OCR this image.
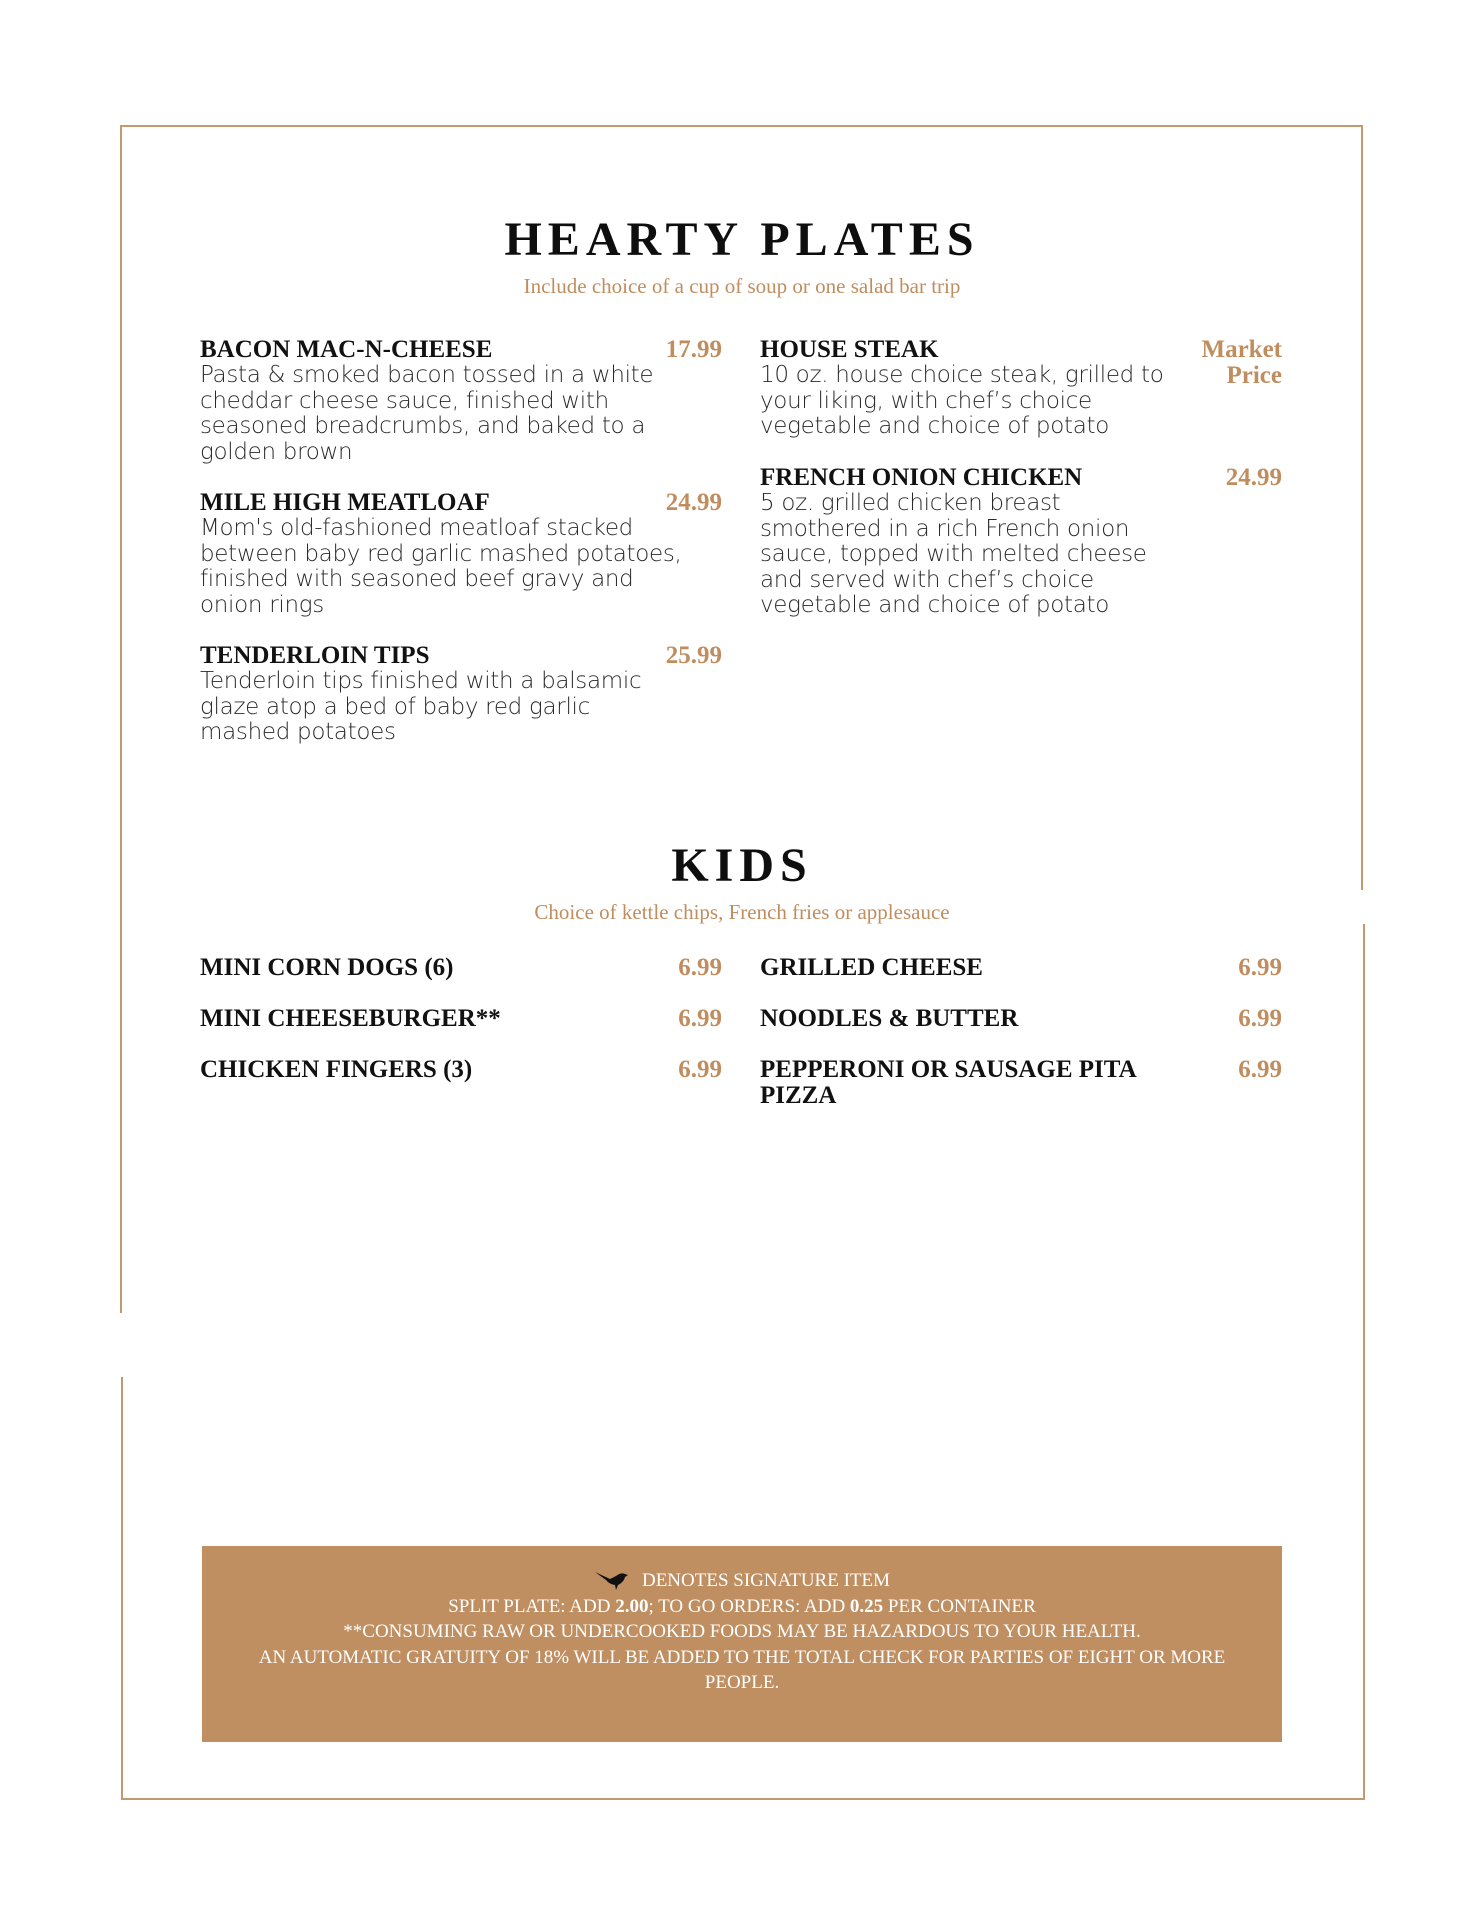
HEARTY PLATES

Include choice of a cup of soup or one salad bar trip

BACON MAC-N-CHEESE	17.99
Pasta & smoked bacon tossed in a white cheddar cheese sauce, finished with seasoned breadcrumbs, and baked to a golden brown
MILE HIGH MEATLOAF	24.99
Mom's old-fashioned meatloaf stacked between baby red garlic mashed potatoes, finished with seasoned beef gravy and onion rings
TENDERLOIN TIPS	25.99
Tenderloin tips finished with a balsamic glaze atop a bed of baby red garlic mashed potatoes
HOUSE STEAK	Market
Price
10 oz. house choice steak, grilled to your liking, with chef’s choice vegetable and choice of potato
FRENCH ONION CHICKEN	24.99
5 oz. grilled chicken breast smothered in a rich French onion sauce, topped with melted cheese and served with chef’s choice vegetable and choice of potato
KIDS

Choice of kettle chips, French fries or applesauce

MINI CORN DOGS (6)	6.99
MINI CHEESEBURGER**	6.99
CHICKEN FINGERS (3)	6.99
GRILLED CHEESE	6.99
NOODLES & BUTTER	6.99
PEPPERONI OR SAUSAGE PITA PIZZA
6.99
DENOTES SIGNATURE ITEM
SPLIT PLATE: ADD 2.00; TO GO ORDERS: ADD 0.25 PER CONTAINER
**CONSUMING RAW OR UNDERCOOKED FOODS MAY BE HAZARDOUS TO YOUR HEALTH.
AN AUTOMATIC GRATUITY OF 18% WILL BE ADDED TO THE TOTAL CHECK FOR PARTIES OF EIGHT OR MORE PEOPLE.
